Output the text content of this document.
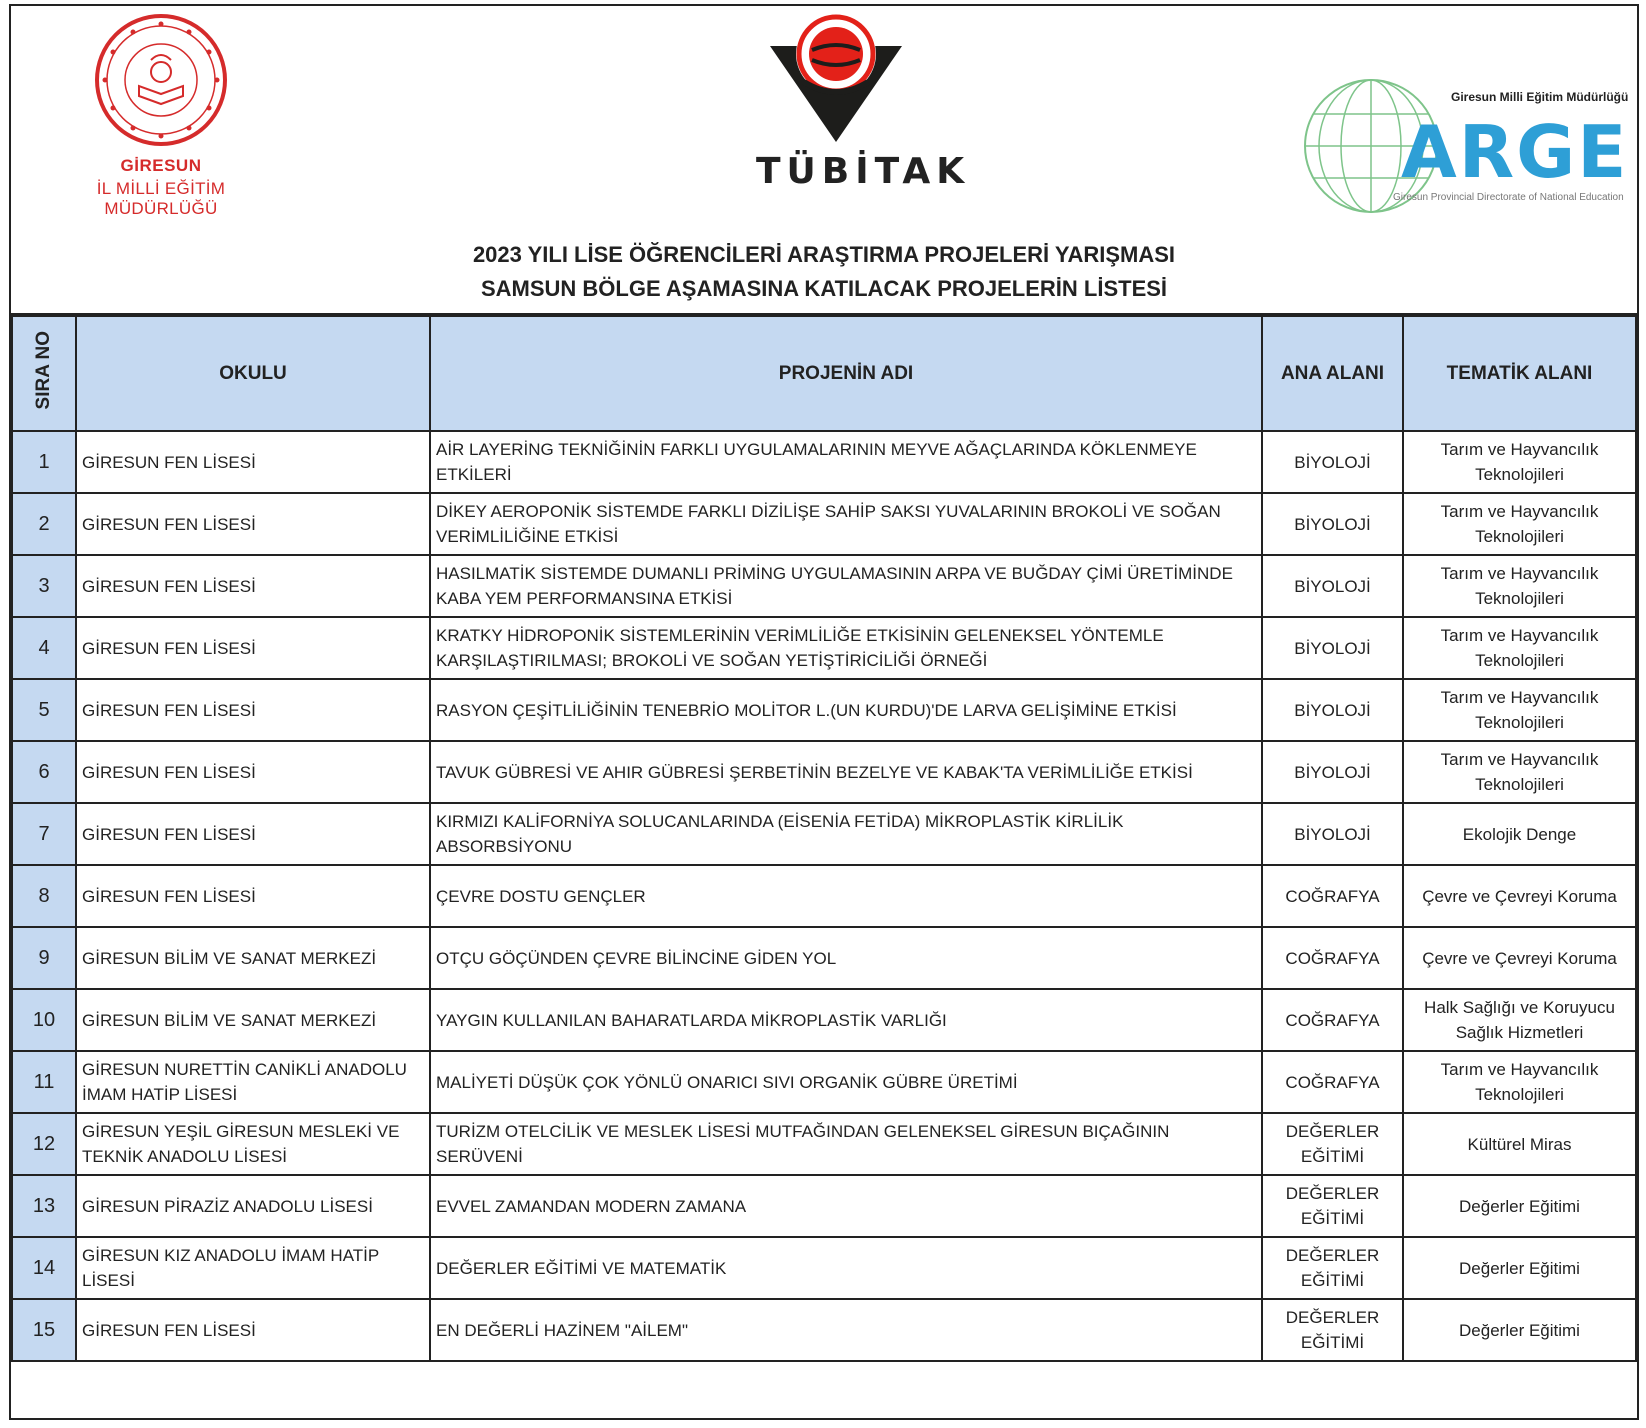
GİRESUN
İL MİLLİ EĞİTİM MÜDÜRLÜĞÜ
TÜBİTAK
Giresun Milli Eğitim Müdürlüğü
ARGE
Giresun Provincial Directorate of National Education
2023 YILI LİSE ÖĞRENCİLERİ ARAŞTIRMA PROJELERİ YARIŞMASI
SAMSUN BÖLGE AŞAMASINA KATILACAK PROJELERİN LİSTESİ
SIRA NO	OKULU	PROJENİN ADI	ANA ALANI	TEMATİK ALANI
1	GİRESUN FEN LİSESİ	AİR LAYERİNG TEKNİĞİNİN FARKLI UYGULAMALARININ MEYVE AĞAÇLARINDA KÖKLENMEYE ETKİLERİ	BİYOLOJİ	Tarım ve Hayvancılık Teknolojileri
2	GİRESUN FEN LİSESİ	DİKEY AEROPONİK SİSTEMDE FARKLI DİZİLİŞE SAHİP SAKSI YUVALARININ BROKOLİ VE SOĞAN VERİMLİLİĞİNE ETKİSİ	BİYOLOJİ	Tarım ve Hayvancılık Teknolojileri
3	GİRESUN FEN LİSESİ	HASILMATİK SİSTEMDE DUMANLI PRİMİNG UYGULAMASININ ARPA VE BUĞDAY ÇİMİ ÜRETİMİNDE KABA YEM PERFORMANSINA ETKİSİ	BİYOLOJİ	Tarım ve Hayvancılık Teknolojileri
4	GİRESUN FEN LİSESİ	KRATKY HİDROPONİK SİSTEMLERİNİN VERİMLİLİĞE ETKİSİNİN GELENEKSEL YÖNTEMLE KARŞILAŞTIRILMASI; BROKOLİ VE SOĞAN YETİŞTİRİCİLİĞİ ÖRNEĞİ	BİYOLOJİ	Tarım ve Hayvancılık Teknolojileri
5	GİRESUN FEN LİSESİ	RASYON ÇEŞİTLİLİĞİNİN TENEBRİO MOLİTOR L.(UN KURDU)'DE LARVA GELİŞİMİNE ETKİSİ	BİYOLOJİ	Tarım ve Hayvancılık Teknolojileri
6	GİRESUN FEN LİSESİ	TAVUK GÜBRESİ VE AHIR GÜBRESİ ŞERBETİNİN BEZELYE VE KABAK'TA VERİMLİLİĞE ETKİSİ	BİYOLOJİ	Tarım ve Hayvancılık Teknolojileri
7	GİRESUN FEN LİSESİ	KIRMIZI KALİFORNİYA SOLUCANLARINDA (EİSENİA FETİDA) MİKROPLASTİK KİRLİLİK ABSORBSİYONU	BİYOLOJİ	Ekolojik Denge
8	GİRESUN FEN LİSESİ	ÇEVRE DOSTU GENÇLER	COĞRAFYA	Çevre ve Çevreyi Koruma
9	GİRESUN BİLİM VE SANAT MERKEZİ	OTÇU GÖÇÜNDEN ÇEVRE BİLİNCİNE GİDEN YOL	COĞRAFYA	Çevre ve Çevreyi Koruma
10	GİRESUN BİLİM VE SANAT MERKEZİ	YAYGIN KULLANILAN BAHARATLARDA MİKROPLASTİK VARLIĞI	COĞRAFYA	Halk Sağlığı ve Koruyucu Sağlık Hizmetleri
11	GİRESUN NURETTİN CANİKLİ ANADOLU İMAM HATİP LİSESİ	MALİYETİ DÜŞÜK ÇOK YÖNLÜ ONARICI SIVI ORGANİK GÜBRE ÜRETİMİ	COĞRAFYA	Tarım ve Hayvancılık Teknolojileri
12	GİRESUN YEŞİL GİRESUN MESLEKİ VE TEKNİK ANADOLU LİSESİ	TURİZM OTELCİLİK VE MESLEK LİSESİ MUTFAĞINDAN GELENEKSEL GİRESUN BIÇAĞININ SERÜVENİ	DEĞERLER EĞİTİMİ	Kültürel Miras
13	GİRESUN PİRAZİZ ANADOLU LİSESİ	EVVEL ZAMANDAN MODERN ZAMANA	DEĞERLER EĞİTİMİ	Değerler Eğitimi
14	GİRESUN KIZ ANADOLU İMAM HATİP LİSESİ	DEĞERLER EĞİTİMİ VE MATEMATİK	DEĞERLER EĞİTİMİ	Değerler Eğitimi
15	GİRESUN FEN LİSESİ	EN DEĞERLİ HAZİNEM "AİLEM"	DEĞERLER EĞİTİMİ	Değerler Eğitimi
